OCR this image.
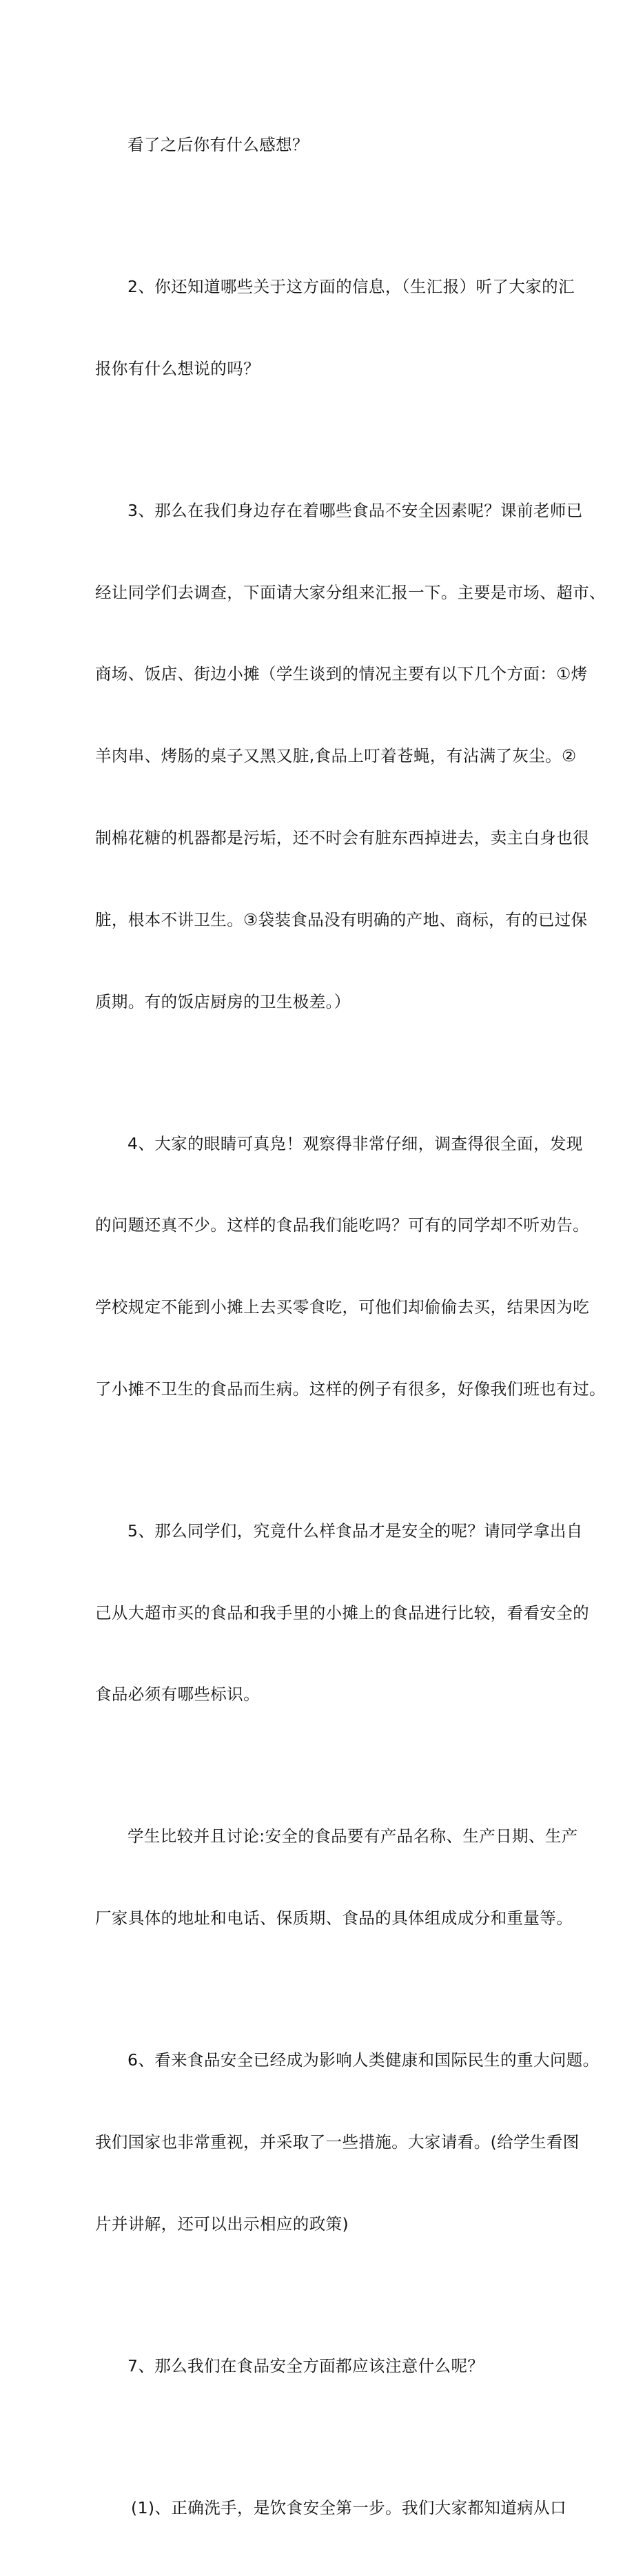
看了之后你有什么感想？

2、你还知道哪些关于这方面的信息，（生汇报）听了大家的汇

报你有什么想说的吗？

3、那么在我们身边存在着哪些食品不安全因素呢？课前老师已

经让同学们去调查，下面请大家分组来汇报一下。主要是市场、超市、

商场、饭店、街边小摊（学生谈到的情况主要有以下几个方面：①烤

羊肉串、烤肠的桌子又黑又脏,食品上叮着苍蝇，有沾满了灰尘。②

制棉花糖的机器都是污垢，还不时会有脏东西掉进去，卖主白身也很

脏，根本不讲卫生。③袋装食品没有明确的产地、商标，有的已过保

质期。有的饭店厨房的卫生极差。）

4、大家的眼睛可真凫！观察得非常仔细，调查得很全面，发现

的问题还真不少。这样的食品我们能吃吗？可有的同学却不听劝告。

学校规定不能到小摊上去买零食吃，可他们却偷偷去买，结果因为吃

了小摊不卫生的食品而生病。这样的例子有很多，好像我们班也有过。

5、那么同学们，究竟什么样食品才是安全的呢？请同学拿出自

己从大超市买的食品和我手里的小摊上的食品进行比较，看看安全的

食品必须有哪些标识。

学生比较并且讨论:安全的食品要有产品名称、生产日期、生产

厂家具体的地址和电话、保质期、食品的具体组成成分和重量等。

6、看来食品安全已经成为影响人类健康和国际民生的重大问题。

我们国家也非常重视，并采取了一些措施。大家请看。(给学生看图

片并讲解，还可以出示相应的政策)

7、那么我们在食品安全方面都应该注意什么呢？

(1)、正确洗手，是饮食安全第一步。我们大家都知道病从口
